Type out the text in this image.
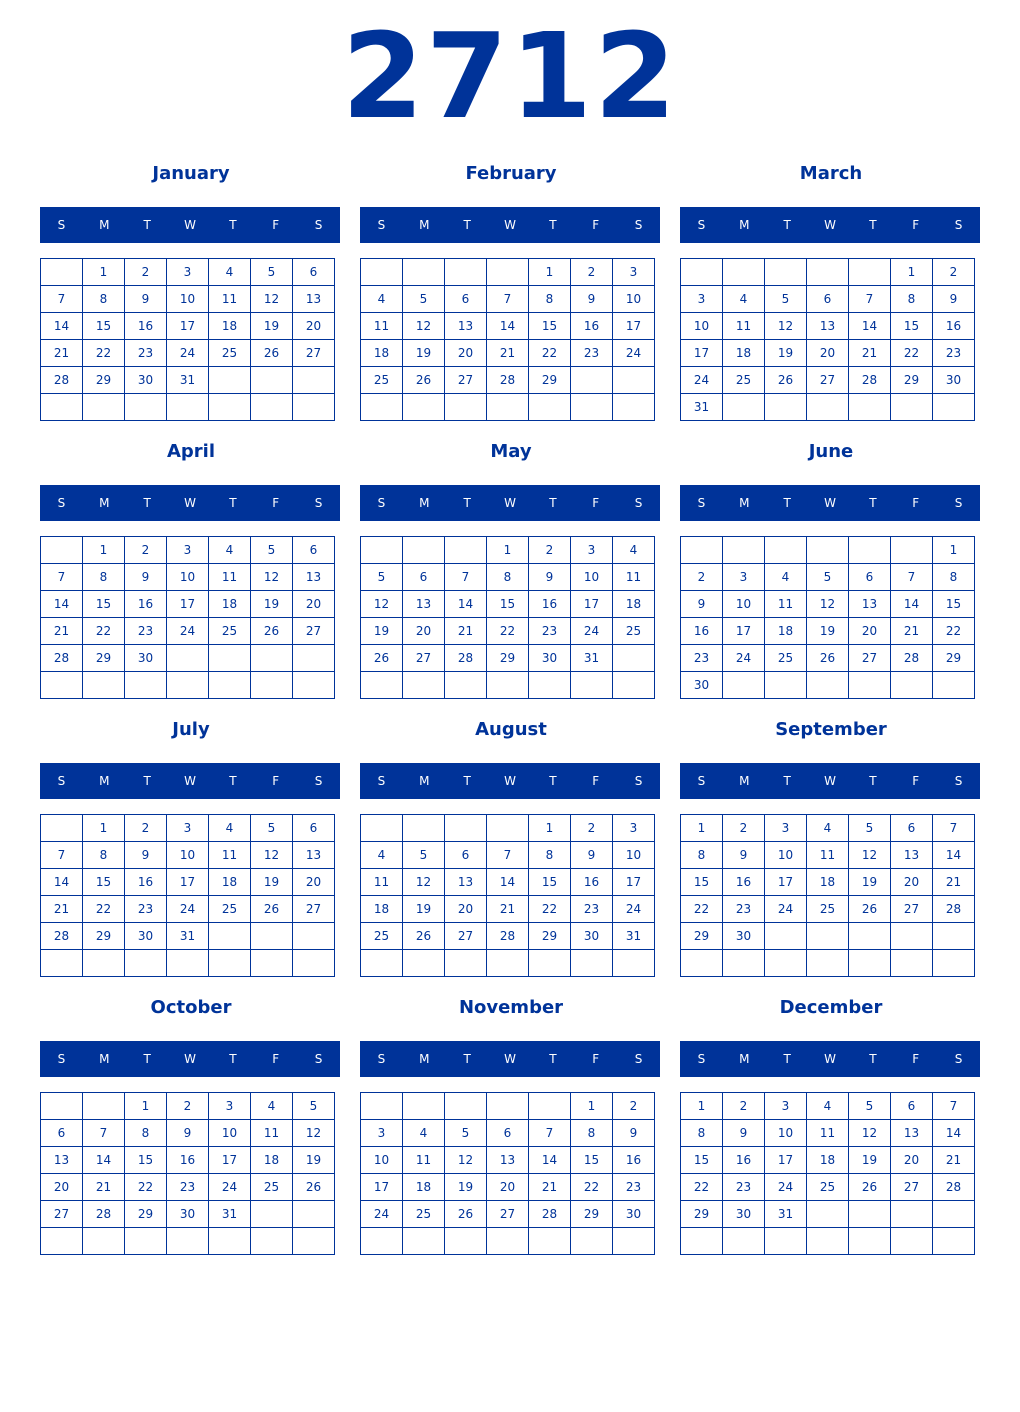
2712
January
S	M	T	W	T	F	S
	1	2	3	4	5	6
7	8	9	10	11	12	13
14	15	16	17	18	19	20
21	22	23	24	25	26	27
28	29	30	31			

February
S	M	T	W	T	F	S
				1	2	3
4	5	6	7	8	9	10
11	12	13	14	15	16	17
18	19	20	21	22	23	24
25	26	27	28	29		

March
S	M	T	W	T	F	S
					1	2
3	4	5	6	7	8	9
10	11	12	13	14	15	16
17	18	19	20	21	22	23
24	25	26	27	28	29	30
31						
April
S	M	T	W	T	F	S
	1	2	3	4	5	6
7	8	9	10	11	12	13
14	15	16	17	18	19	20
21	22	23	24	25	26	27
28	29	30				

May
S	M	T	W	T	F	S
			1	2	3	4
5	6	7	8	9	10	11
12	13	14	15	16	17	18
19	20	21	22	23	24	25
26	27	28	29	30	31	

June
S	M	T	W	T	F	S
						1
2	3	4	5	6	7	8
9	10	11	12	13	14	15
16	17	18	19	20	21	22
23	24	25	26	27	28	29
30						
July
S	M	T	W	T	F	S
	1	2	3	4	5	6
7	8	9	10	11	12	13
14	15	16	17	18	19	20
21	22	23	24	25	26	27
28	29	30	31			

August
S	M	T	W	T	F	S
				1	2	3
4	5	6	7	8	9	10
11	12	13	14	15	16	17
18	19	20	21	22	23	24
25	26	27	28	29	30	31

September
S	M	T	W	T	F	S
1	2	3	4	5	6	7
8	9	10	11	12	13	14
15	16	17	18	19	20	21
22	23	24	25	26	27	28
29	30					

October
S	M	T	W	T	F	S
		1	2	3	4	5
6	7	8	9	10	11	12
13	14	15	16	17	18	19
20	21	22	23	24	25	26
27	28	29	30	31		

November
S	M	T	W	T	F	S
					1	2
3	4	5	6	7	8	9
10	11	12	13	14	15	16
17	18	19	20	21	22	23
24	25	26	27	28	29	30

December
S	M	T	W	T	F	S
1	2	3	4	5	6	7
8	9	10	11	12	13	14
15	16	17	18	19	20	21
22	23	24	25	26	27	28
29	30	31				
